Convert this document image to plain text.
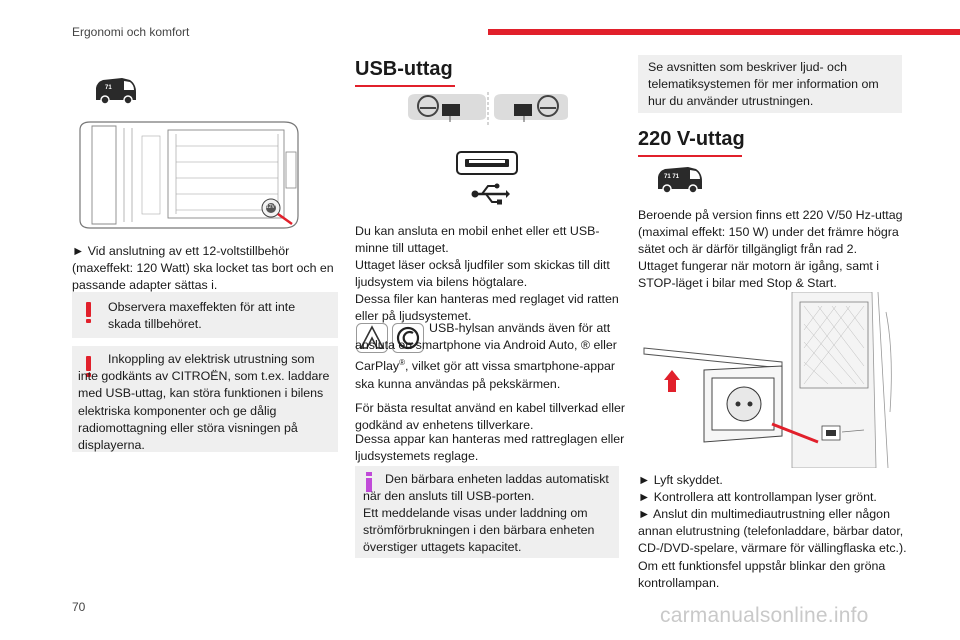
Ergonomi och komfort
71
12V

► Vid anslutning av ett 12-voltstillbehör (maxeffekt: 120 Watt) ska locket tas bort och en passande adapter sättas i.

Observera maxeffekten för att inte skada tillbehöret.

Inkoppling av elektrisk utrustning som inte godkänts av CITROËN, som t.ex. laddare med USB-uttag, kan störa funktionen i bilens elektriska komponenter och ge dålig radiomottagning eller störa visningen på displayerna.

USB-uttag

Du kan ansluta en mobil enhet eller ett USB-minne till uttaget.

Uttaget läser också ljudfiler som skickas till ditt ljudsystem via bilens högtalare.

Dessa filer kan hanteras med reglaget vid ratten eller på ljudsystemet.

USB-hylsan används även för att ansluta en smartphone via Android Auto, ® eller CarPlay®, vilket gör att vissa smartphone-appar ska kunna användas på pekskärmen.

För bästa resultat använd en kabel tillverkad eller godkänd av enhetens tillverkare.

Dessa appar kan hanteras med rattreglagen eller ljudsystemets reglage.

Den bärbara enheten laddas automatiskt när den ansluts till USB-porten.

Ett meddelande visas under laddning om strömförbrukningen i den bärbara enheten överstiger uttagets kapacitet.

Se avsnitten som beskriver ljud- och telematiksystemen för mer information om hur du använder utrustningen.

220 V-uttag
71 71

Beroende på version finns ett 220 V/50 Hz-uttag (maximal effekt: 150 W) under det främre högra sätet och är därför tillgängligt från rad 2.

Uttaget fungerar när motorn är igång, samt i STOP-läget i bilar med Stop & Start.

► Lyft skyddet.

► Kontrollera att kontrollampan lyser grönt.

► Anslut din multimediautrustning eller någon annan elutrustning (telefonladdare, bärbar dator, CD-/DVD-spelare, värmare för vällingflaska etc.). Om ett funktionsfel uppstår blinkar den gröna kontrollampan.

70	carmanualsonline.info
